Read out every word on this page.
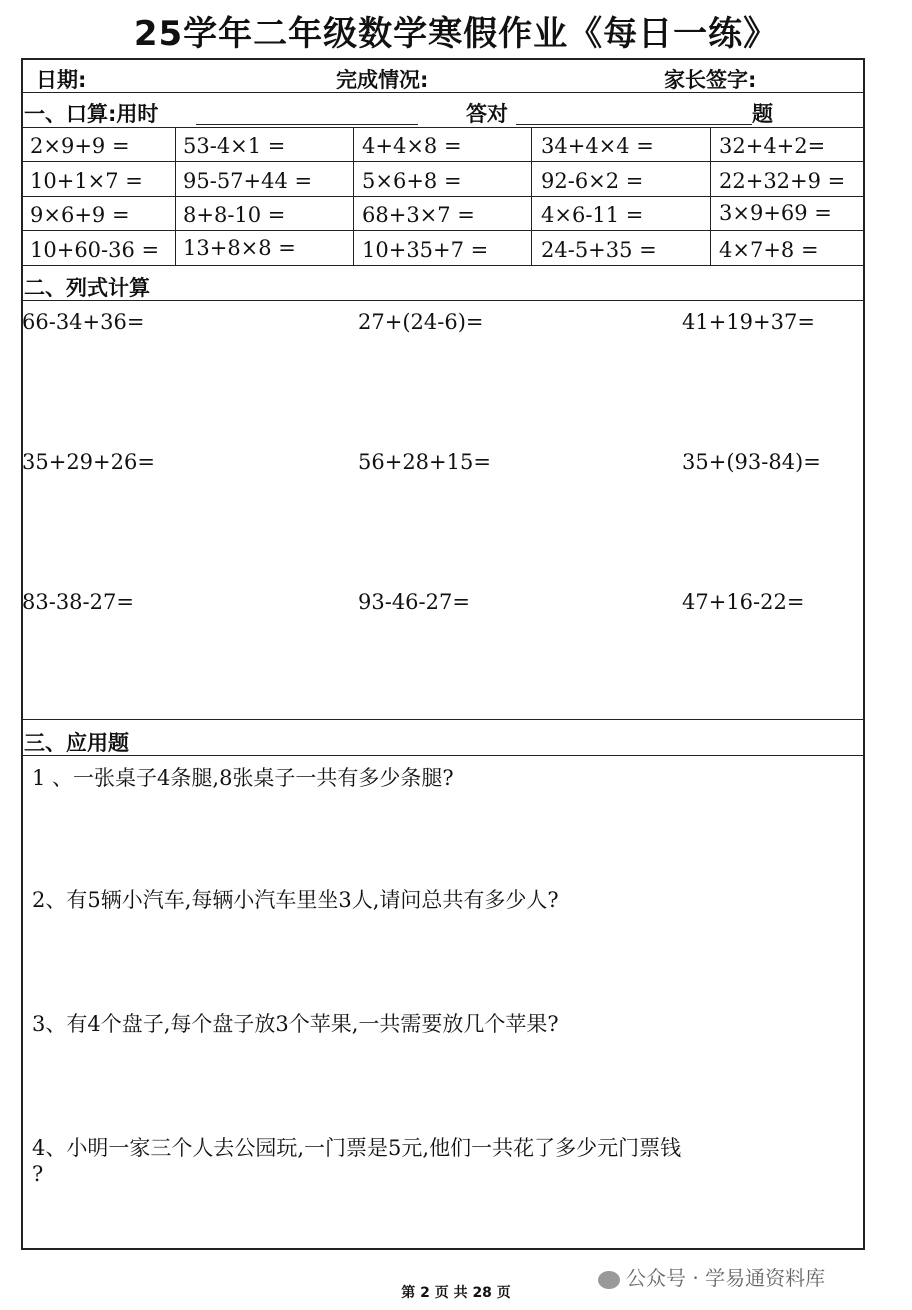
25学年二年级数学寒假作业《每日一练》
日期:	完成情况:	家长签字:
一、口算:用时	答对	题
2×9+9 =	53-4×1 =	4+4×8 =	34+4×4 =	32+4+2=
10+1×7 = 95-57+44 = 5×6+8 =	92-6×2 =	22+32+9 =
9×6+9 =	8+8-10 =	68+3×7 =	4×6-11 =	3×9+69 =
10+60-36 = 13+8×8 =	10+35+7 =	24-5+35 =	4×7+8 =
二、列式计算
66-34+36=	27+(24-6)=	41+19+37=
35+29+26=	56+28+15=	35+(93-84)=
83-38-27=	93-46-27=	47+16-22=
三、应用题
1 、一张桌子4条腿,8张桌子一共有多少条腿?
2、有5辆小汽车,每辆小汽车里坐3人,请问总共有多少人?
3、有4个盘子,每个盘子放3个苹果,一共需要放几个苹果?
4、小明一家三个人去公园玩,一门票是5元,他们一共花了多少元门票钱
?
第 2 页 共 28 页
公众号 · 学易通资料库
